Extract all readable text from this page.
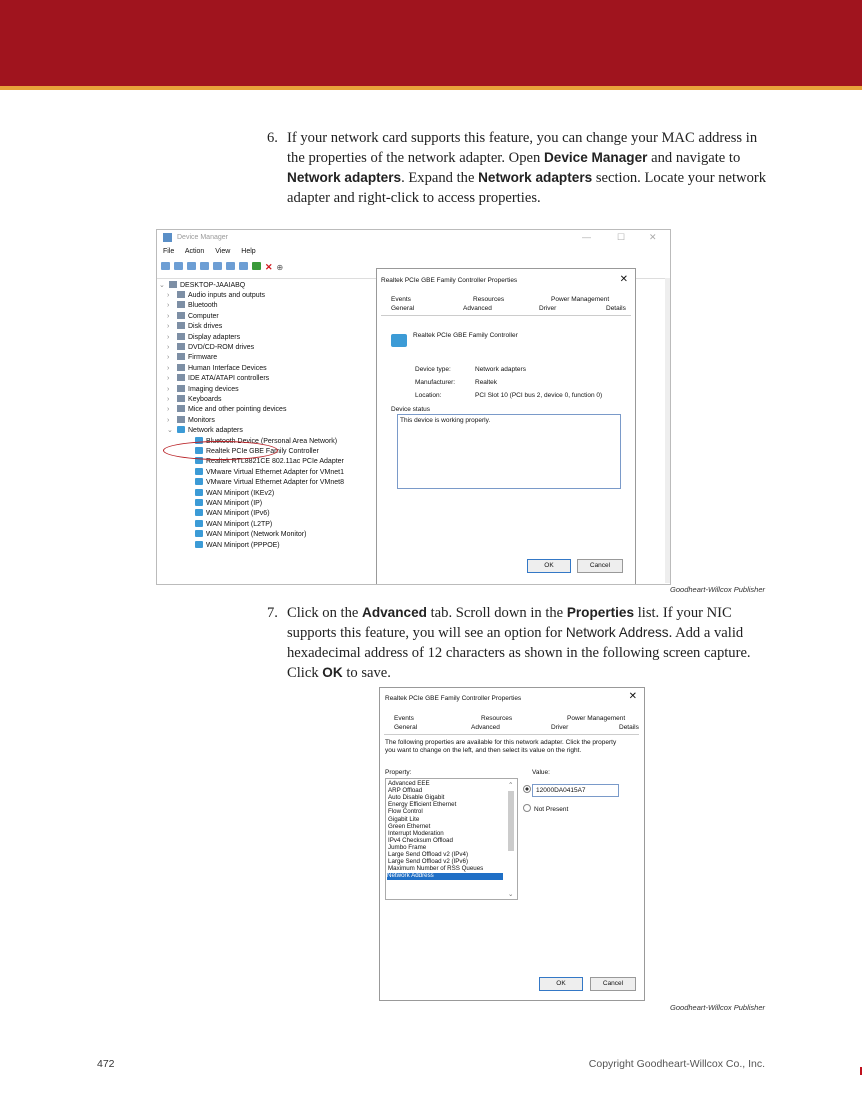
6. If your network card supports this feature, you can change your MAC address in the properties of the network adapter. Open Device Manager and navigate to Network adapters. Expand the Network adapters section. Locate your network adapter and right-click to access properties.
Device Manager	—	☐	✕
File Action View Help
✕ ⊕
⌄ DESKTOP-JAAIABQ
›	Audio inputs and outputs
›	Bluetooth
›	Computer
›	Disk drives
›	Display adapters
›	DVD/CD-ROM drives
›	Firmware
›	Human Interface Devices
›	IDE ATA/ATAPI controllers
›	Imaging devices
›	Keyboards
›	Mice and other pointing devices
›	Monitors
⌄ Network adapters
Bluetooth Device (Personal Area Network)
Realtek PCIe GBE Family Controller
Realtek RTL8821CE 802.11ac PCIe Adapter
VMware Virtual Ethernet Adapter for VMnet1
VMware Virtual Ethernet Adapter for VMnet8
WAN Miniport (IKEv2)
WAN Miniport (IP)
WAN Miniport (IPv6)
WAN Miniport (L2TP)
WAN Miniport (Network Monitor)
WAN Miniport (PPPOE)
Realtek PCIe GBE Family Controller Properties	✕
Events	Resources	Power Management
General	Advanced	Driver	Details
Realtek PCIe GBE Family Controller
Device type:	Network adapters
Manufacturer:	Realtek
Location:	PCI Slot 10 (PCI bus 2, device 0, function 0)
Device status
This device is working properly.
OK	Cancel
Goodheart-Willcox Publisher
7. Click on the Advanced tab. Scroll down in the Properties list. If your NIC supports this feature, you will see an option for Network Address. Add a valid hexadecimal address of 12 characters as shown in the following screen capture. Click OK to save.
Realtek PCIe GBE Family Controller Properties	✕
Events	Resources	Power Management
General	Advanced	Driver	Details
The following properties are available for this network adapter. Click the property you want to change on the left, and then select its value on the right.
Property:	Value:
⌃
⌄
Advanced EEE
ARP Offload
Auto Disable Gigabit
Energy Efficient Ethernet
Flow Control
Gigabit Lite
Green Ethernet
Interrupt Moderation
IPv4 Checksum Offload
Jumbo Frame
Large Send Offload v2 (IPv4)
Large Send Offload v2 (IPv6)
Maximum Number of RSS Queues
Network Address
12000DA0415A7
Not Present
OK	Cancel
Goodheart-Willcox Publisher
472	Copyright Goodheart-Willcox Co., Inc.
